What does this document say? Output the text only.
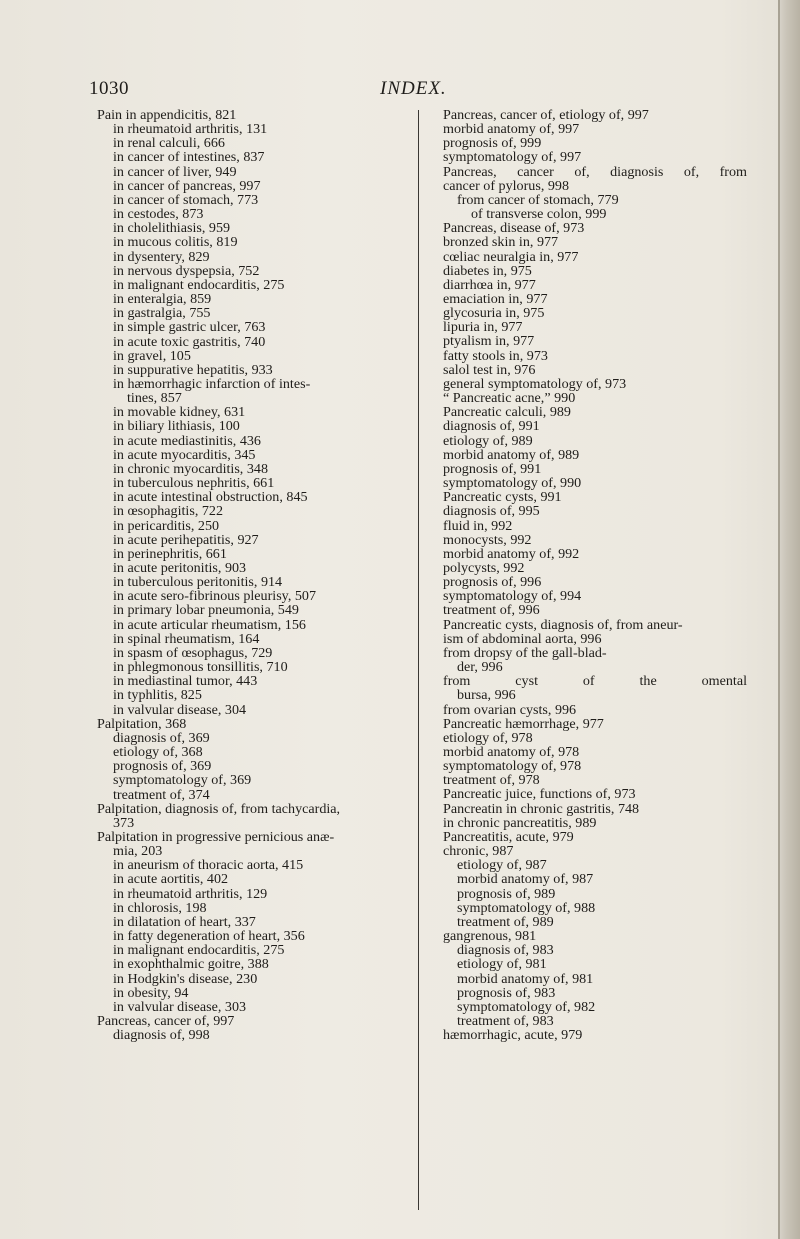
1030	INDEX.
Pain in appendicitis, 821
in rheumatoid arthritis, 131
in renal calculi, 666
in cancer of intestines, 837
in cancer of liver, 949
in cancer of pancreas, 997
in cancer of stomach, 773
in cestodes, 873
in cholelithiasis, 959
in mucous colitis, 819
in dysentery, 829
in nervous dyspepsia, 752
in malignant endocarditis, 275
in enteralgia, 859
in gastralgia, 755
in simple gastric ulcer, 763
in acute toxic gastritis, 740
in gravel, 105
in suppurative hepatitis, 933
in hæmorrhagic infarction of intes-
tines, 857
in movable kidney, 631
in biliary lithiasis, 100
in acute mediastinitis, 436
in acute myocarditis, 345
in chronic myocarditis, 348
in tuberculous nephritis, 661
in acute intestinal obstruction, 845
in œsophagitis, 722
in pericarditis, 250
in acute perihepatitis, 927
in perinephritis, 661
in acute peritonitis, 903
in tuberculous peritonitis, 914
in acute sero-fibrinous pleurisy, 507
in primary lobar pneumonia, 549
in acute articular rheumatism, 156
in spinal rheumatism, 164
in spasm of œsophagus, 729
in phlegmonous tonsillitis, 710
in mediastinal tumor, 443
in typhlitis, 825
in valvular disease, 304
Palpitation, 368
diagnosis of, 369
etiology of, 368
prognosis of, 369
symptomatology of, 369
treatment of, 374
Palpitation, diagnosis of, from tachycardia,
373
Palpitation in progressive pernicious anæ-
mia, 203
in aneurism of thoracic aorta, 415
in acute aortitis, 402
in rheumatoid arthritis, 129
in chlorosis, 198
in dilatation of heart, 337
in fatty degeneration of heart, 356
in malignant endocarditis, 275
in exophthalmic goitre, 388
in Hodgkin's disease, 230
in obesity, 94
in valvular disease, 303
Pancreas, cancer of, 997
diagnosis of, 998
Pancreas, cancer of, etiology of, 997
morbid anatomy of, 997
prognosis of, 999
symptomatology of, 997
Pancreas, cancer of, diagnosis of, from
cancer of pylorus, 998
from cancer of stomach, 779
of transverse colon, 999
Pancreas, disease of, 973
bronzed skin in, 977
cœliac neuralgia in, 977
diabetes in, 975
diarrhœa in, 977
emaciation in, 977
glycosuria in, 975
lipuria in, 977
ptyalism in, 977
fatty stools in, 973
salol test in, 976
general symptomatology of, 973
“ Pancreatic acne,” 990
Pancreatic calculi, 989
diagnosis of, 991
etiology of, 989
morbid anatomy of, 989
prognosis of, 991
symptomatology of, 990
Pancreatic cysts, 991
diagnosis of, 995
fluid in, 992
monocysts, 992
morbid anatomy of, 992
polycysts, 992
prognosis of, 996
symptomatology of, 994
treatment of, 996
Pancreatic cysts, diagnosis of, from aneur-
ism of abdominal aorta, 996
from dropsy of the gall-blad-
der, 996
from cyst of the omental
bursa, 996
from ovarian cysts, 996
Pancreatic hæmorrhage, 977
etiology of, 978
morbid anatomy of, 978
symptomatology of, 978
treatment of, 978
Pancreatic juice, functions of, 973
Pancreatin in chronic gastritis, 748
in chronic pancreatitis, 989
Pancreatitis, acute, 979
chronic, 987
etiology of, 987
morbid anatomy of, 987
prognosis of, 989
symptomatology of, 988
treatment of, 989
gangrenous, 981
diagnosis of, 983
etiology of, 981
morbid anatomy of, 981
prognosis of, 983
symptomatology of, 982
treatment of, 983
hæmorrhagic, acute, 979
